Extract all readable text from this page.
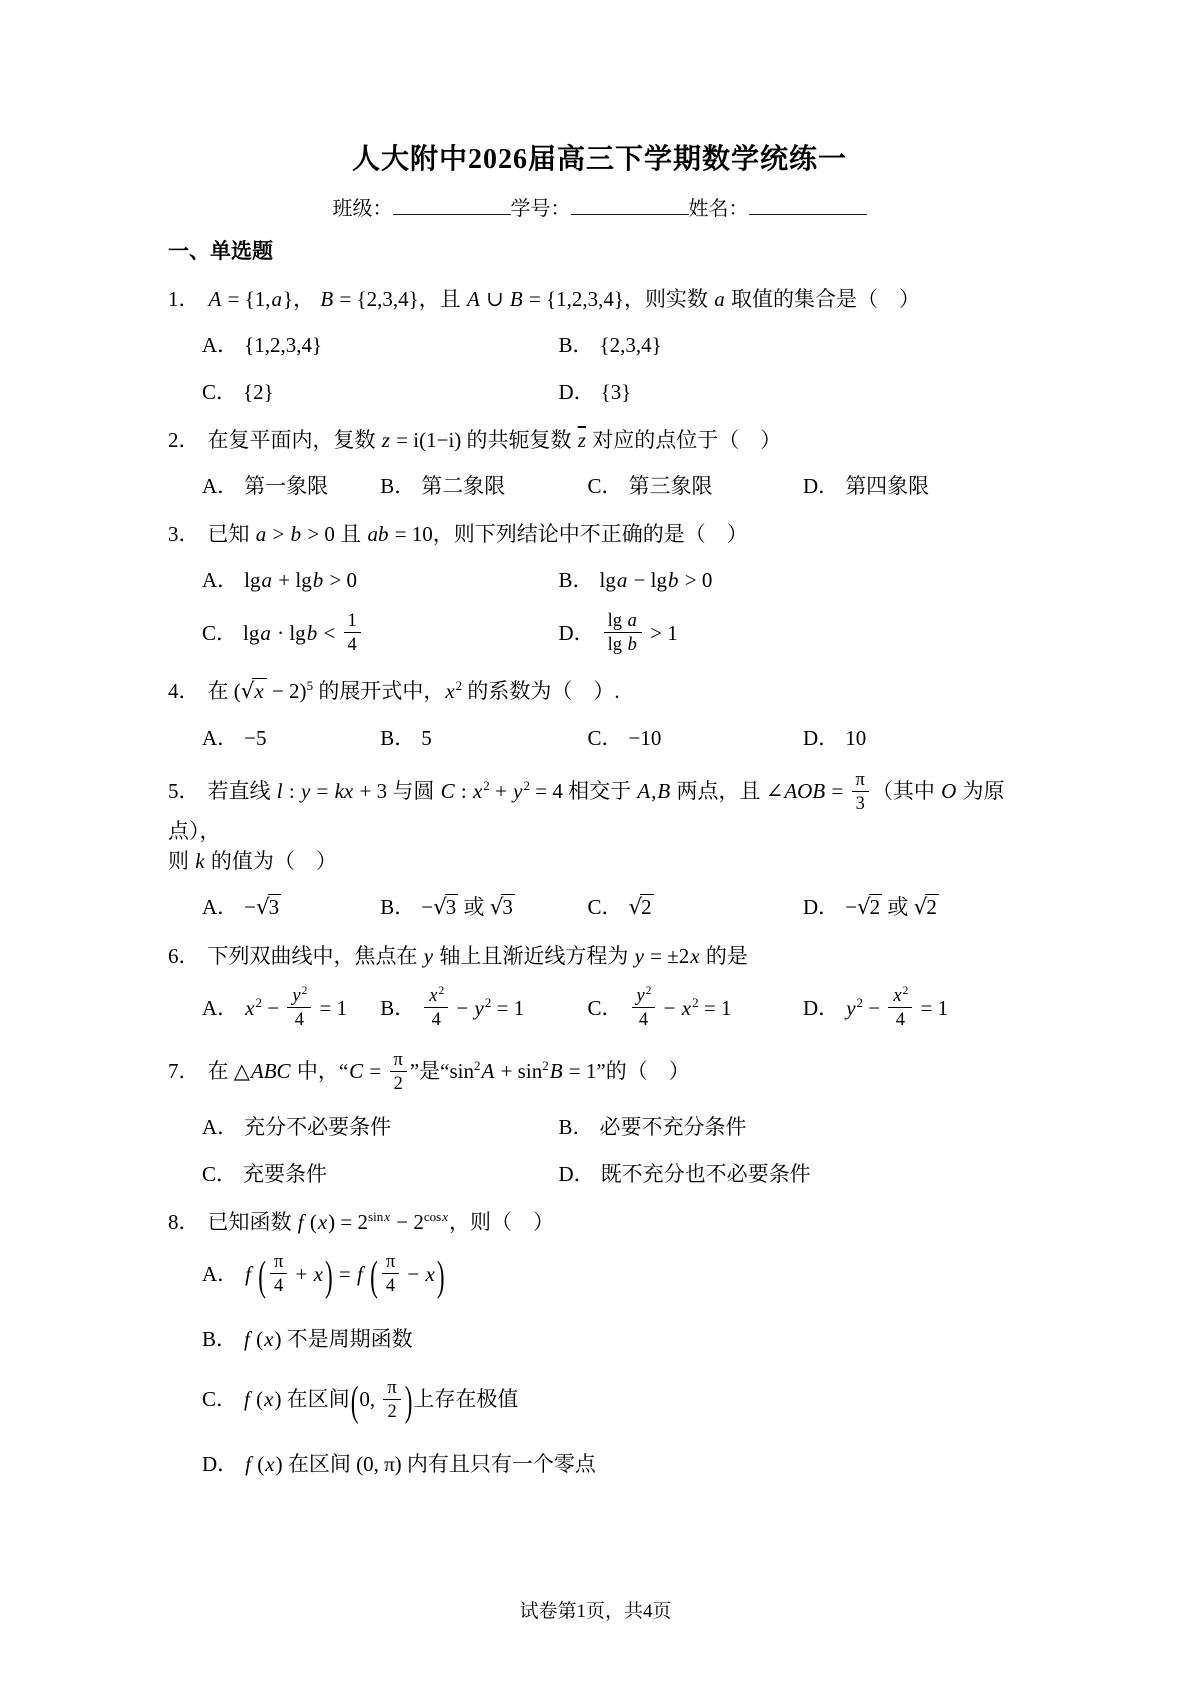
人大附中2026届高三下学期数学统练一
班级：	学号：	姓名：
一、单选题
1． A = {1,a}， B = {2,3,4}，且 A ∪ B = {1,2,3,4}，则实数 a 取值的集合是（　）
A． {1,2,3,4}	B． {2,3,4}
C． {2}	D． {3}
2． 在复平面内，复数 z = i(1−i) 的共轭复数 $\overline{z}$ 对应的点位于（　）
A． 第一象限	B． 第二象限	C． 第三象限	D． 第四象限
3． 已知 a > b > 0 且 ab = 10，则下列结论中不正确的是（　）
A． lga + lgb > 0	B． lga − lgb > 0
C． $\lg a \cdot \lg b < \frac{1}{4}$	D． $\frac{\text{lg a}}{\text{lg b}} > 1$
4． 在 $(√x - 2)^5$ 的展开式中，$x^2$ 的系数为（　）.
A． −5	B． 5	C． −10	D． 10
5． 若直线 l : y = kx + 3 与圆 C : $x^2 + y^2 = 4$ 相交于 A,B 两点，且 ∠AOB = $\frac{\pi}{3}$ （其中 O 为原点），
则 k 的值为（　）
A． −√3	B． −√3 或 √3	C． √2	D． −√2 或 √2
6． 下列双曲线中，焦点在 y 轴上且渐近线方程为 y = ±2x 的是
A． $x^2 - \frac{y^2}{4} = 1$	B． $\frac{x^2}{4} - y^2 = 1$	C． $\frac{y^2}{4} - x^2 = 1$	D． $y^2 - \frac{x^2}{4} = 1$
7． 在 △ABC 中，“$C = \frac{\pi}{2}$ ”是“$\sin^2A + \sin^2B = 1$”的（　）
A． 充分不必要条件	B． 必要不充分条件
C． 充要条件	D． 既不充分也不必要条件
8． 已知函数 f $(x) = 2^{sinx} - 2^{cosx}$，则（　）
A． f ( $\frac{\pi}{4} + x) = f$ ( $\frac{\pi}{4} - x$)
B． f (x) 不是周期函数
C． f (x) 在区间(0, $\frac{\pi}{2}$ )上存在极值
D． f (x) 在区间 (0, π) 内有且只有一个零点
试卷第1页，共4页
